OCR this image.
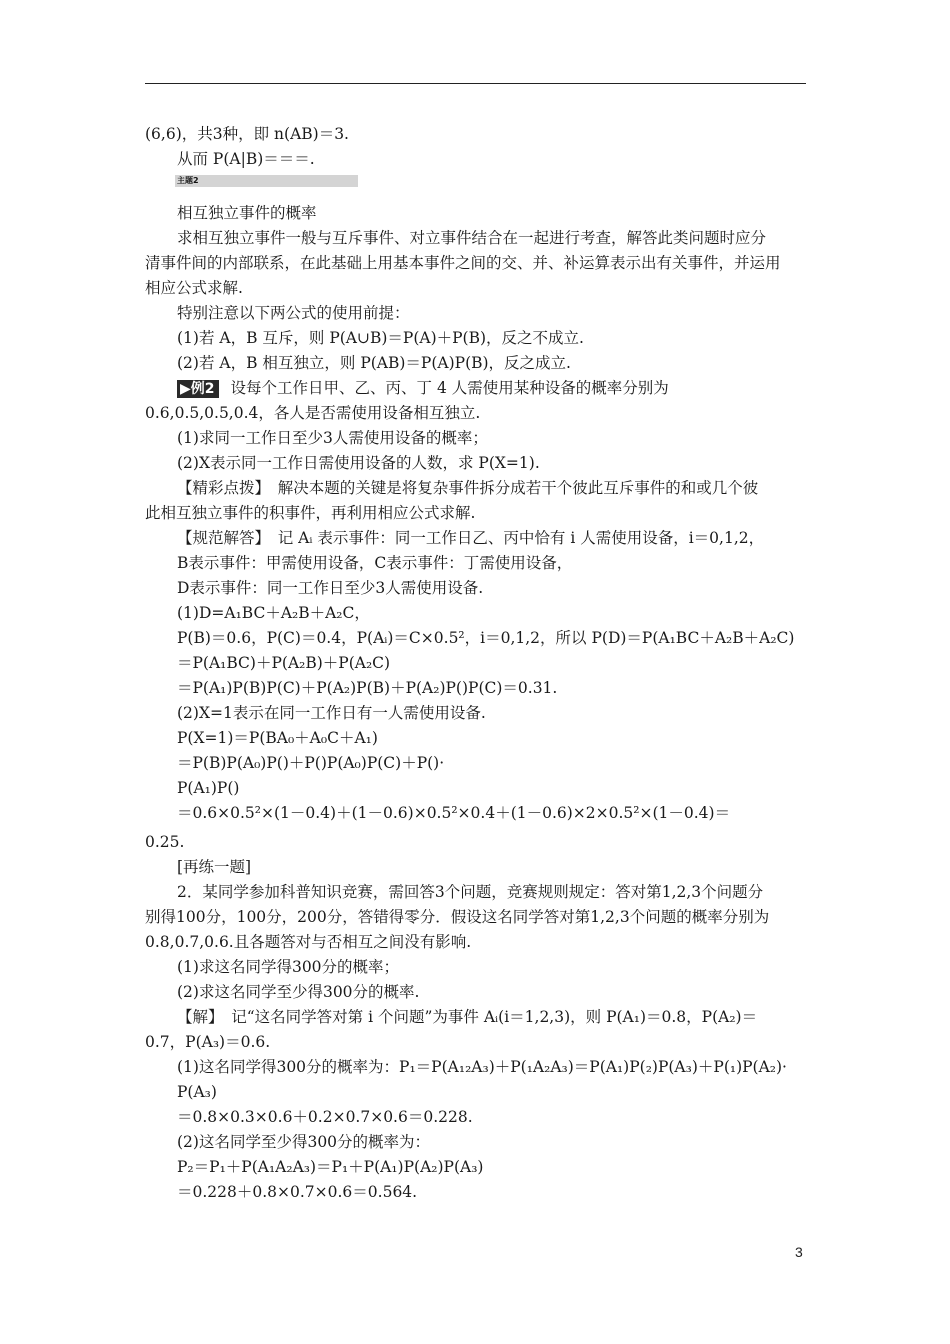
主题2
(6,6)，共3种，即 n(AB)＝3.
从而 P(A|B)＝＝＝.
相互独立事件的概率
求相互独立事件一般与互斥事件、对立事件结合在一起进行考查，解答此类问题时应分
清事件间的内部联系，在此基础上用基本事件之间的交、并、补运算表示出有关事件，并运用
相应公式求解.
特别注意以下两公式的使用前提：
(1)若 A，B 互斥，则 P(A∪B)＝P(A)＋P(B)，反之不成立.
(2)若 A，B 相互独立，则 P(AB)＝P(A)P(B)，反之成立.
▶例2 设每个工作日甲、乙、丙、丁 4 人需使用某种设备的概率分别为
0.6,0.5,0.5,0.4，各人是否需使用设备相互独立.
(1)求同一工作日至少3人需使用设备的概率；
(2)X表示同一工作日需使用设备的人数，求 P(X=1).
【精彩点拨】　解决本题的关键是将复杂事件拆分成若干个彼此互斥事件的和或几个彼
此相互独立事件的积事件，再利用相应公式求解.
【规范解答】　记 Aᵢ 表示事件：同一工作日乙、丙中恰有 i 人需使用设备，i＝0,1,2，
B表示事件：甲需使用设备，C表示事件：丁需使用设备，
D表示事件：同一工作日至少3人需使用设备.
(1)D=A₁BC＋A₂B＋A₂C，
P(B)＝0.6，P(C)＝0.4，P(Aᵢ)＝C×0.5²，i＝0,1,2，所以 P(D)＝P(A₁BC＋A₂B＋A₂C)
＝P(A₁BC)＋P(A₂B)＋P(A₂C)
＝P(A₁)P(B)P(C)＋P(A₂)P(B)＋P(A₂)P()P(C)＝0.31.
(2)X=1表示在同一工作日有一人需使用设备.
P(X=1)＝P(BA₀＋A₀C＋A₁)
＝P(B)P(A₀)P()＋P()P(A₀)P(C)＋P()·
P(A₁)P()
＝0.6×0.5²×(1－0.4)＋(1－0.6)×0.5²×0.4＋(1－0.6)×2×0.5²×(1－0.4)＝
0.25.
[再练一题]
2．某同学参加科普知识竞赛，需回答3个问题，竞赛规则规定：答对第1,2,3个问题分
别得100分，100分，200分，答错得零分．假设这名同学答对第1,2,3个问题的概率分别为
0.8,0.7,0.6.且各题答对与否相互之间没有影响.
(1)求这名同学得300分的概率；
(2)求这名同学至少得300分的概率.
【解】　记“这名同学答对第 i 个问题”为事件 Aᵢ(i＝1,2,3)，则 P(A₁)＝0.8，P(A₂)＝
0.7，P(A₃)＝0.6.
(1)这名同学得300分的概率为：P₁＝P(A₁₂A₃)＋P(₁A₂A₃)＝P(A₁)P(₂)P(A₃)＋P(₁)P(A₂)·
P(A₃)
＝0.8×0.3×0.6＋0.2×0.7×0.6＝0.228.
(2)这名同学至少得300分的概率为：
P₂＝P₁＋P(A₁A₂A₃)＝P₁＋P(A₁)P(A₂)P(A₃)
＝0.228＋0.8×0.7×0.6＝0.564.
3
